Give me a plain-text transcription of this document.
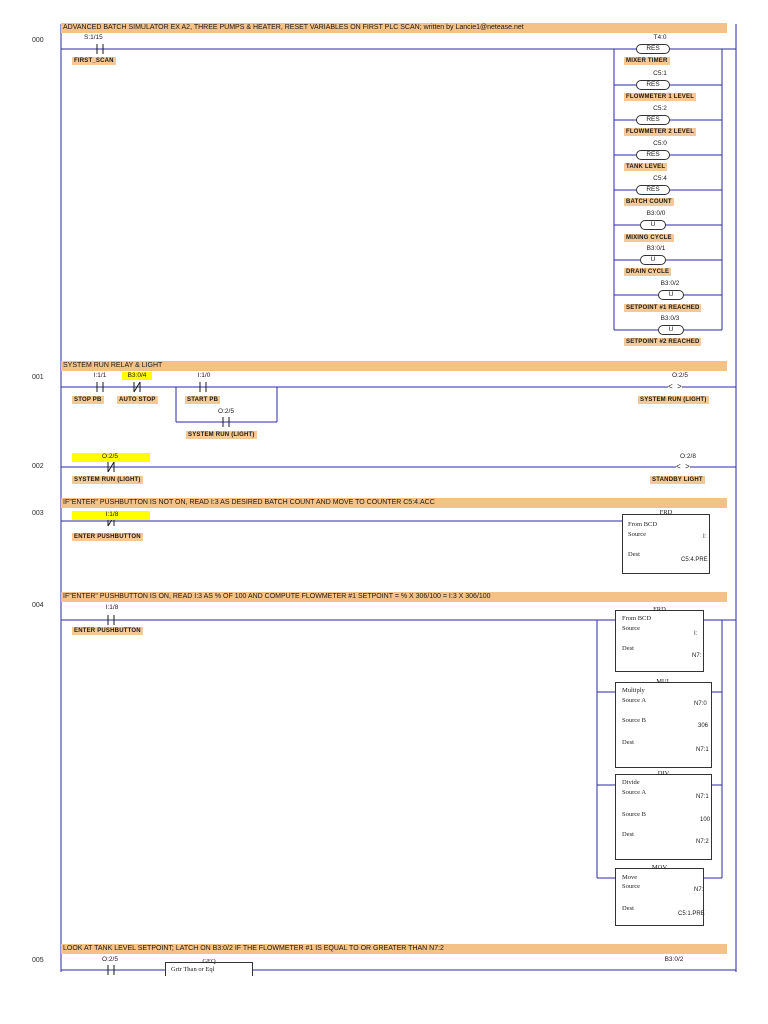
000
ADVANCED BATCH SIMULATOR EX A2, THREE PUMPS & HEATER, RESET VARIABLES ON FIRST PLC SCAN; written by Lancie1@netease.net
S:1/15
FIRST_SCAN
T4:0
RES
MIXER TIMER
C5:1
RES
FLOWMETER 1 LEVEL
C5:2
RES
FLOWMETER 2 LEVEL
C5:0
RES
TANK LEVEL
C5:4
RES
BATCH COUNT
B3:0/0
U
MIXING CYCLE
B3:0/1
U
DRAIN CYCLE
B3:0/2
U
SETPOINT #1 REACHED
B3:0/3
U
SETPOINT #2 REACHED
001
SYSTEM RUN RELAY & LIGHT
I:1/1
STOP PB
B3:0/4
AUTO STOP
I:1/0
START PB
O:2/5
SYSTEM RUN (LIGHT)
O:2/5
<  >
SYSTEM RUN (LIGHT)
002
O:2/5
SYSTEM RUN (LIGHT)
O:2/8
<  >
STANDBY LIGHT
003
IF"ENTER" PUSHBUTTON IS NOT ON, READ I:3 AS DESIRED BATCH COUNT AND MOVE TO COUNTER C5:4.ACC
I:1/8
ENTER PUSHBUTTON
FRD
From BCD
Source	I:
Dest
C5:4.PRE
004
IF"ENTER" PUSHBUTTON IS ON, READ I:3 AS % OF 100 AND COMPUTE FLOWMETER #1 SETPOINT = % X 306/100 = I:3 X 306/100
I:1/8
ENTER PUSHBUTTON
FRD
From BCD
Source
I:
Dest
N7:
MUL
Multiply
Source A	N7:0
Source B
306
Dest
N7:1
DIV
Divide
Source A
N7:1
Source B
100
Dest
N7:2
MOV
Move
Source	N7:
Dest
C5:1.PRE
005
LOOK AT TANK LEVEL SETPOINT; LATCH ON B3:0/2 IF THE FLOWMETER #1 IS EQUAL TO OR GREATER THAN N7:2
O:2/5	GEQ
Grtr Than or Eql
B3:0/2
